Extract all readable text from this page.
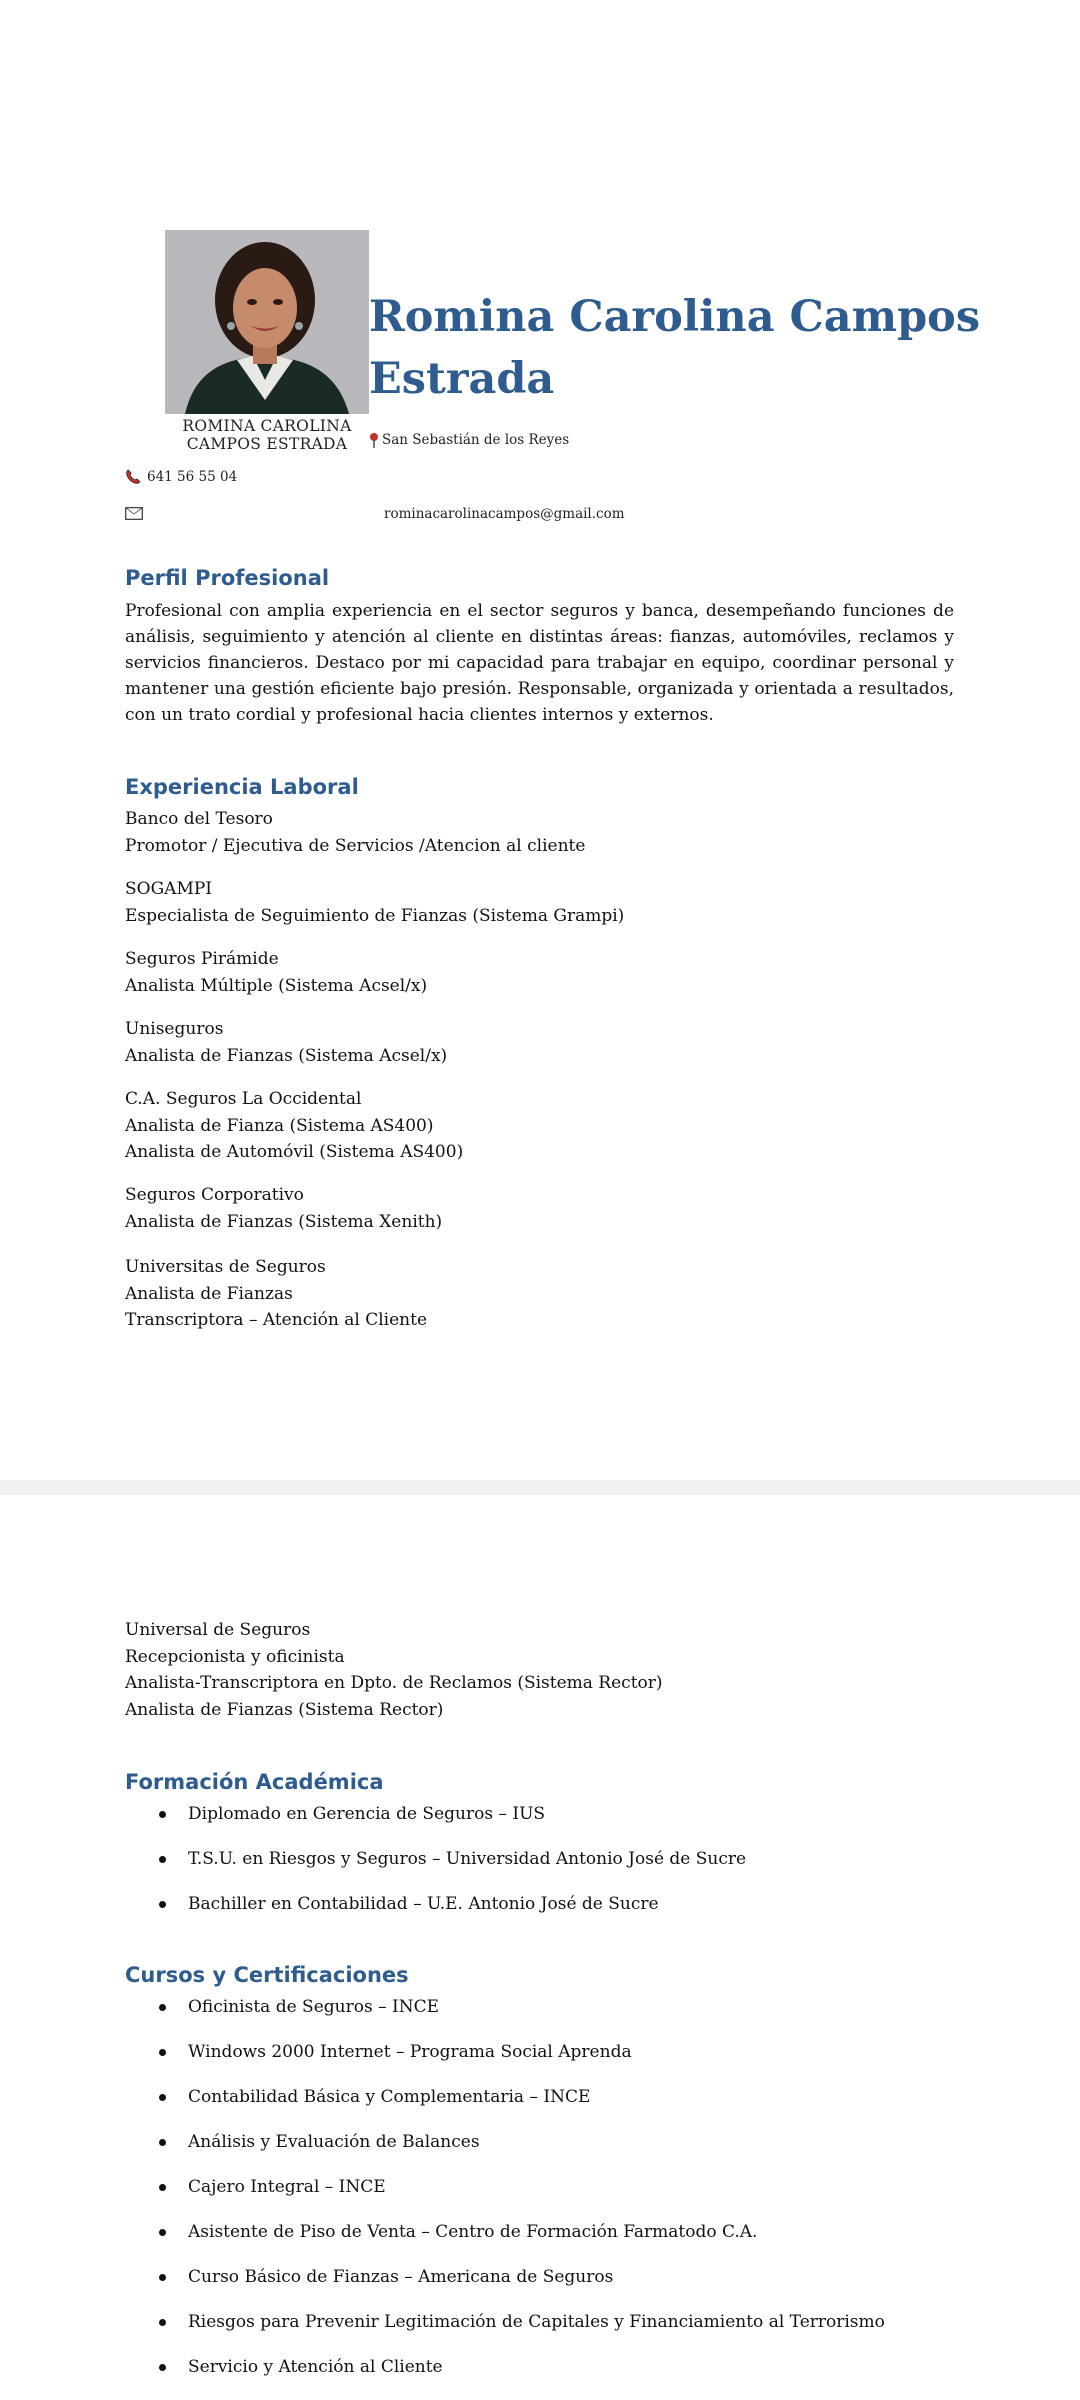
ROMINA CAROLINA
CAMPOS ESTRADA
Romina Carolina Campos Estrada
San Sebastián de los Reyes
641 56 55 04
rominacarolinacampos@gmail.com
Perfil Profesional
Profesional con amplia experiencia en el sector seguros y banca, desempeñando funciones de análisis, seguimiento y atención al cliente en distintas áreas: fianzas, automóviles, reclamos y servicios financieros. Destaco por mi capacidad para trabajar en equipo, coordinar personal y mantener una gestión eficiente bajo presión. Responsable, organizada y orientada a resultados, con un trato cordial y profesional hacia clientes internos y externos.
Experiencia Laboral
Banco del Tesoro
Promotor / Ejecutiva de Servicios /Atencion al cliente
SOGAMPI
Especialista de Seguimiento de Fianzas (Sistema Grampi)
Seguros Pirámide
Analista Múltiple (Sistema Acsel/x)
Uniseguros
Analista de Fianzas (Sistema Acsel/x)
C.A. Seguros La Occidental
Analista de Fianza (Sistema AS400)
Analista de Automóvil (Sistema AS400)
Seguros Corporativo
Analista de Fianzas (Sistema Xenith)
Universitas de Seguros
Analista de Fianzas
Transcriptora – Atención al Cliente
Universal de Seguros
Recepcionista y oficinista
Analista-Transcriptora en Dpto. de Reclamos (Sistema Rector)
Analista de Fianzas (Sistema Rector)
Formación Académica
Diplomado en Gerencia de Seguros – IUS
T.S.U. en Riesgos y Seguros – Universidad Antonio José de Sucre
Bachiller en Contabilidad – U.E. Antonio José de Sucre
Cursos y Certificaciones
Oficinista de Seguros – INCE
Windows 2000 Internet – Programa Social Aprenda
Contabilidad Básica y Complementaria – INCE
Análisis y Evaluación de Balances
Cajero Integral – INCE
Asistente de Piso de Venta – Centro de Formación Farmatodo C.A.
Curso Básico de Fianzas – Americana de Seguros
Riesgos para Prevenir Legitimación de Capitales y Financiamiento al Terrorismo
Servicio y Atención al Cliente
